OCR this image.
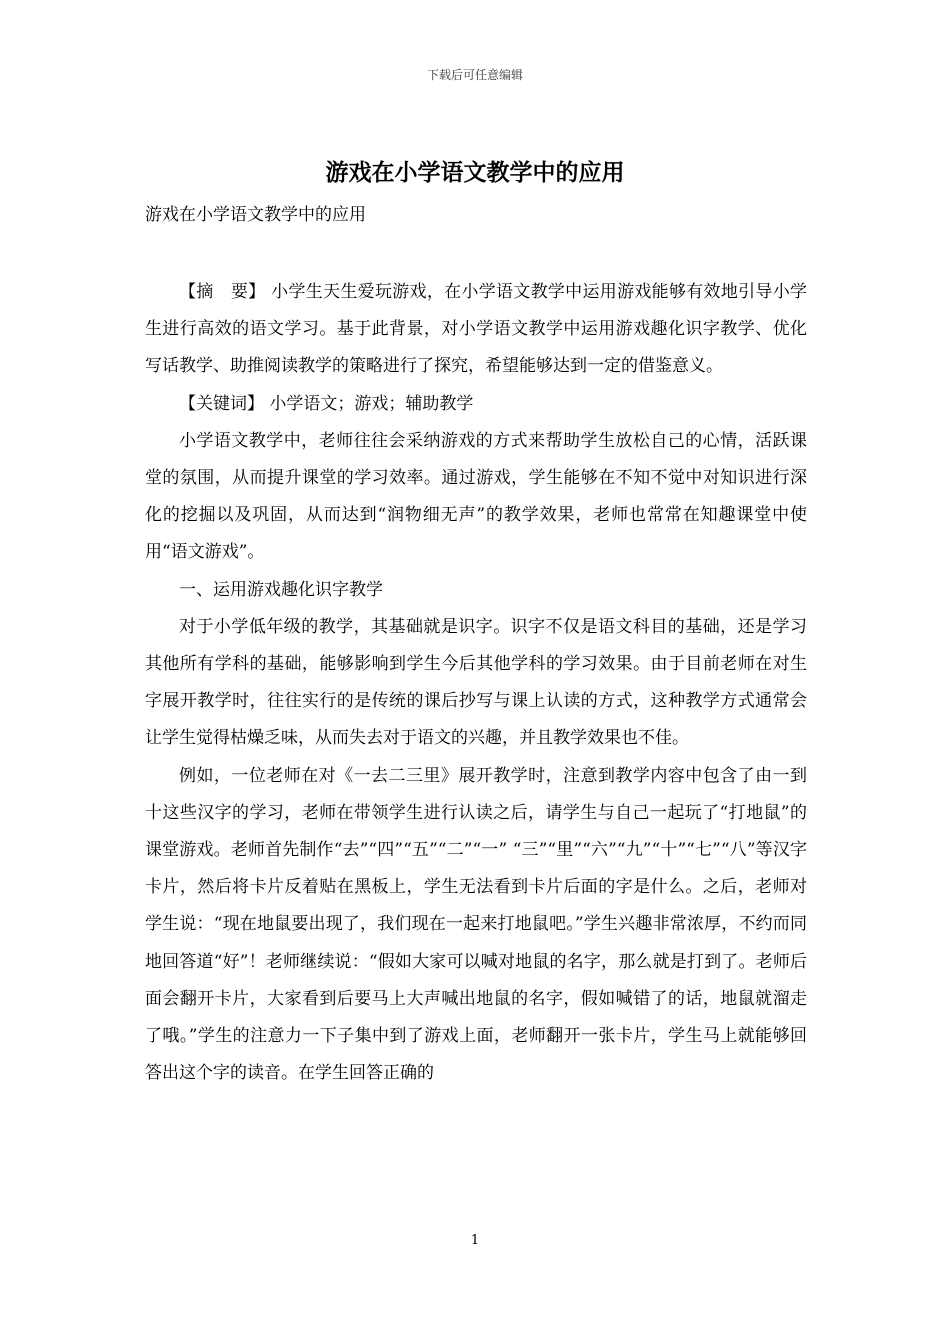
下载后可任意编辑
游戏在小学语文教学中的应用

游戏在小学语文教学中的应用

【摘　要】 小学生天生爱玩游戏，在小学语文教学中运用游戏能够有效地引导小学生进行高效的语文学习。基于此背景，对小学语文教学中运用游戏趣化识字教学、优化写话教学、助推阅读教学的策略进行了探究，希望能够达到一定的借鉴意义。

【关键词】 小学语文；游戏；辅助教学

小学语文教学中，老师往往会采纳游戏的方式来帮助学生放松自己的心情，活跃课堂的氛围，从而提升课堂的学习效率。通过游戏，学生能够在不知不觉中对知识进行深化的挖掘以及巩固，从而达到“润物细无声”的教学效果，老师也常常在知趣课堂中使用“语文游戏”。

一、运用游戏趣化识字教学

对于小学低年级的教学，其基础就是识字。识字不仅是语文科目的基础，还是学习其他所有学科的基础，能够影响到学生今后其他学科的学习效果。由于目前老师在对生字展开教学时，往往实行的是传统的课后抄写与课上认读的方式，这种教学方式通常会让学生觉得枯燥乏味，从而失去对于语文的兴趣，并且教学效果也不佳。

例如，一位老师在对《一去二三里》展开教学时，注意到教学内容中包含了由一到十这些汉字的学习，老师在带领学生进行认读之后，请学生与自己一起玩了“打地鼠”的课堂游戏。老师首先制作“去”“四”“五”“二”“一” “三”“里”“六”“九”“十”“七”“八”等汉字卡片，然后将卡片反着贴在黑板上，学生无法看到卡片后面的字是什么。之后，老师对学生说：“现在地鼠要出现了，我们现在一起来打地鼠吧。”学生兴趣非常浓厚，不约而同地回答道“好”！老师继续说：“假如大家可以喊对地鼠的名字，那么就是打到了。老师后面会翻开卡片，大家看到后要马上大声喊出地鼠的名字，假如喊错了的话，地鼠就溜走了哦。”学生的注意力一下子集中到了游戏上面，老师翻开一张卡片，学生马上就能够回答出这个字的读音。在学生回答正确的

1
